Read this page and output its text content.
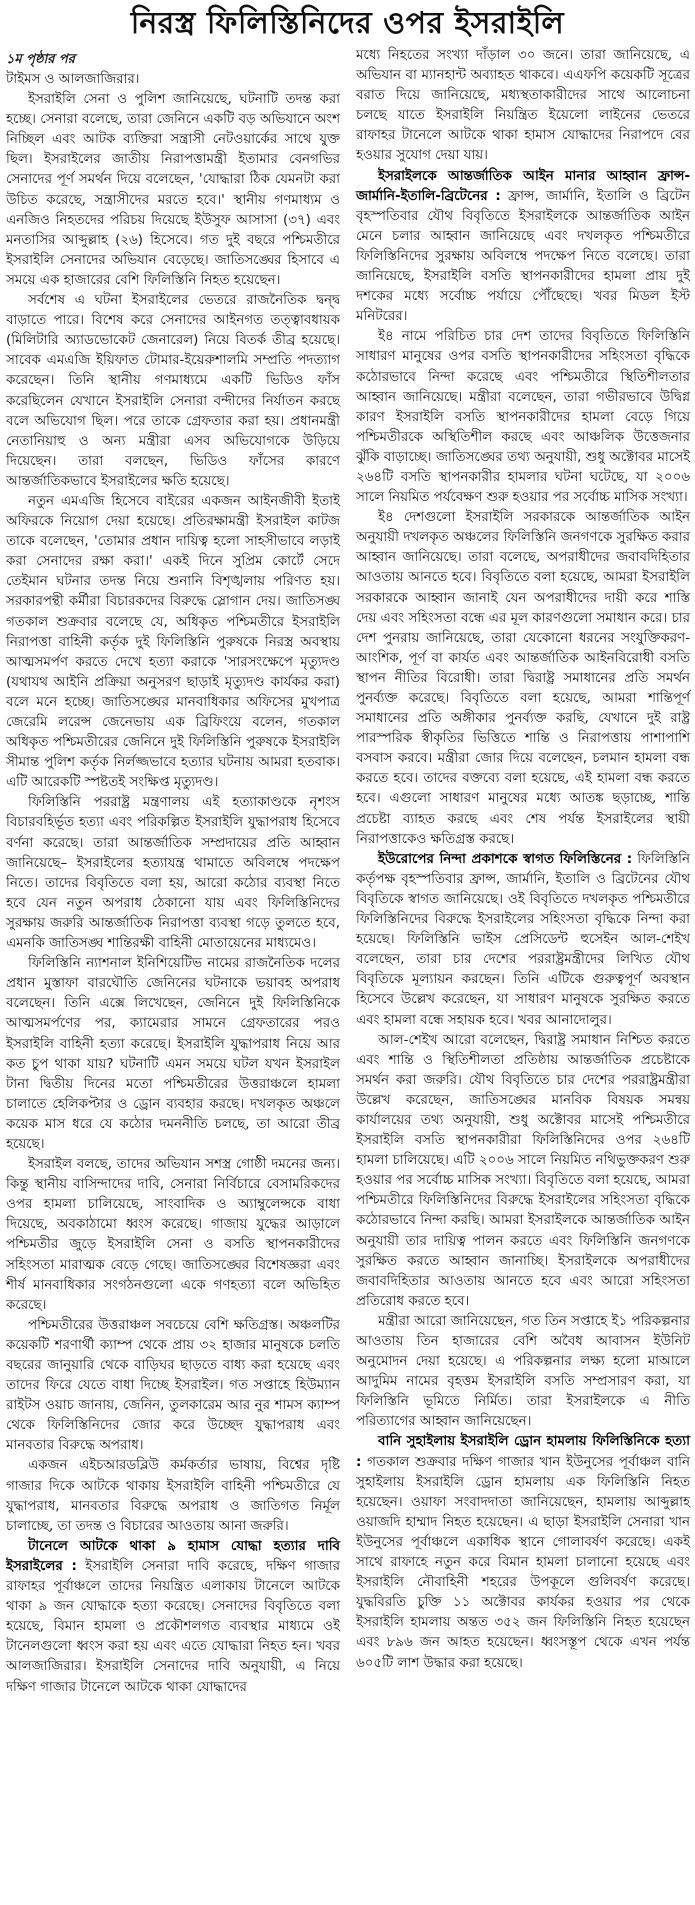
নিরস্ত্র ফিলিস্তিনিদের ওপর ইসরাইলি
১ম পৃষ্ঠার পর

টাইমস ও আলজাজিরার।

ইসরাইলি সেনা ও পুলিশ জানিয়েছে, ঘটনাটি তদন্ত করা হচ্ছে। সেনারা বলেছে, তারা জেনিনে একটি বড় অভিযানে অংশ নিচ্ছিল এবং আটক ব্যক্তিরা সন্ত্রাসী নেটওয়ার্কের সাথে যুক্ত ছিল। ইসরাইলের জাতীয় নিরাপত্তামন্ত্রী ইতামার বেনগভির সেনাদের পূর্ণ সমর্থন দিয়ে বলেছেন, 'যোদ্ধারা ঠিক যেমনটা করা উচিত করেছে, সন্ত্রাসীদের মরতে হবে।' স্থানীয় গণমাধ্যম ও এনজিও নিহতদের পরিচয় দিয়েছে ইউসুফ আসাসা (৩৭) এবং মনতাসির আব্দুল্লাহ (২৬) হিসেবে। গত দুই বছরে পশ্চিমতীরে ইসরাইলি সেনাদের অভিযান বেড়েছে। জাতিসঙ্ঘের হিসাবে এ সময়ে এক হাজারের বেশি ফিলিস্তিনি নিহত হয়েছেন।

সর্বশেষ এ ঘটনা ইসরাইলের ভেতরে রাজনৈতিক দ্বন্দ্ব বাড়াতে পারে। বিশেষ করে সেনাদের আইনগত তত্ত্বাবধায়ক (মিলিটারি অ্যাডভোকেট জেনারেল) নিয়ে বিতর্ক তীব্র হয়েছে। সাবেক এমএজি ইয়িফাত টোমার-ইয়েরুশালমি সম্প্রতি পদত্যাগ করেছেন। তিনি স্থানীয় গণমাধ্যমে একটি ভিডিও ফাঁস করেছিলেন যেখানে ইসরাইলি সেনারা বন্দীদের নির্যাতন করছে বলে অভিযোগ ছিল। পরে তাকে গ্রেফতার করা হয়। প্রধানমন্ত্রী নেতানিয়াহু ও অন্য মন্ত্রীরা এসব অভিযোগকে উড়িয়ে দিয়েছেন। তারা বলছেন, ভিডিও ফাঁসের কারণে আন্তর্জাতিকভাবে ইসরাইলের ক্ষতি হয়েছে।

নতুন এমএজি হিসেবে বাইরের একজন আইনজীবী ইতাই অফিরকে নিয়োগ দেয়া হয়েছে। প্রতিরক্ষামন্ত্রী ইসরাইল কাটজ তাকে বলেছেন, 'তোমার প্রধান দায়িত্ব হলো সাহসীভাবে লড়াই করা সেনাদের রক্ষা করা।' একই দিনে সুপ্রিম কোর্টে সেদে তেইমান ঘটনার তদন্ত নিয়ে শুনানি বিশৃঙ্খলায় পরিণত হয়। সরকারপন্থী কর্মীরা বিচারকদের বিরুদ্ধে স্লোগান দেয়। জাতিসঙ্ঘ গতকাল শুক্রবার বলেছে যে, অধিকৃত পশ্চিমতীরে ইসরাইলি নিরাপত্তা বাহিনী কর্তৃক দুই ফিলিস্তিনি পুরুষকে নিরস্ত্র অবস্থায় আত্মসমর্পণ করতে দেখে হত্যা করাকে 'সারসংক্ষেপে মৃত্যুদণ্ড (যথাযথ আইনি প্রক্রিয়া অনুসরণ ছাড়াই মৃত্যুদণ্ড কার্যকর করা) বলে মনে হচ্ছে। জাতিসঙ্ঘের মানবাধিকার অফিসের মুখপাত্র জেরেমি লরেন্স জেনেভায় এক ব্রিফিংয়ে বলেন, গতকাল অধিকৃত পশ্চিমতীরের জেনিনে দুই ফিলিস্তিনি পুরুষকে ইসরাইলি সীমান্ত পুলিশ কর্তৃক নির্লজ্জভাবে হত্যার ঘটনায় আমরা হতবাক। এটি আরেকটি স্পষ্টতই সংক্ষিপ্ত মৃত্যুদণ্ড।

ফিলিস্তিনি পররাষ্ট্র মন্ত্রণালয় এই হত্যাকাণ্ডকে নৃশংস বিচারবহির্ভূত হত্যা এবং পরিকল্পিত ইসরাইলি যুদ্ধাপরাধ হিসেবে বর্ণনা করেছে। তারা আন্তর্জাতিক সম্প্রদায়ের প্রতি আহ্বান জানিয়েছে– ইসরাইলের হত্যাযন্ত্র থামাতে অবিলম্বে পদক্ষেপ নিতে। তাদের বিবৃতিতে বলা হয়, আরো কঠোর ব্যবস্থা নিতে হবে যেন নতুন অপরাধ ঠেকানো যায় এবং ফিলিস্তিনিদের সুরক্ষায় জরুরি আন্তর্জাতিক নিরাপত্তা ব্যবস্থা গড়ে তুলতে হবে, এমনকি জাতিসঙ্ঘ শান্তিরক্ষী বাহিনী মোতায়েনের মাধ্যমেও।

ফিলিস্তিনি ন্যাশনাল ইনিশিয়েটিভ নামের রাজনৈতিক দলের প্রধান মুস্তাফা বারঘৌতি জেনিনের ঘটনাকে ভয়াবহ অপরাধ বলেছেন। তিনি এক্সে লিখেছেন, জেনিনে দুই ফিলিস্তিনিকে আত্মসমর্পণের পর, ক্যামেরার সামনে গ্রেফতারের পরও ইসরাইলি বাহিনী হত্যা করেছে। ইসরাইলি যুদ্ধাপরাধ নিয়ে আর কত চুপ থাকা যায়? ঘটনাটি এমন সময়ে ঘটল যখন ইসরাইল টানা দ্বিতীয় দিনের মতো পশ্চিমতীরের উত্তরাঞ্চলে হামলা চালাতে হেলিকপ্টার ও ড্রোন ব্যবহার করছে। দখলকৃত অঞ্চলে কয়েক মাস ধরে যে কঠোর দমননীতি চলছে, তা আরো তীব্র হয়েছে।

ইসরাইল বলছে, তাদের অভিযান সশস্ত্র গোষ্ঠী দমনের জন্য। কিন্তু স্থানীয় বাসিন্দাদের দাবি, সেনারা নির্বিচারে বেসামরিকদের ওপর হামলা চালিয়েছে, সাংবাদিক ও অ্যাম্বুলেন্সকে বাধা দিয়েছে, অবকাঠামো ধ্বংস করেছে। গাজায় যুদ্ধের আড়ালে পশ্চিমতীর জুড়ে ইসরাইলি সেনা ও বসতি স্থাপনকারীদের সহিংসতা মারাত্মক বেড়ে গেছে। জাতিসঙ্ঘের বিশেষজ্ঞরা এবং শীর্ষ মানবাধিকার সংগঠনগুলো একে গণহত্যা বলে অভিহিত করেছে।

পশ্চিমতীরের উত্তরাঞ্চল সবচেয়ে বেশি ক্ষতিগ্রস্ত। অঞ্চলটির কয়েকটি শরণার্থী ক্যাম্প থেকে প্রায় ৩২ হাজার মানুষকে চলতি বছরের জানুয়ারি থেকে বাড়িঘর ছাড়তে বাধ্য করা হয়েছে এবং তাদের ফিরে যেতে বাধা দিচ্ছে ইসরাইল। গত সপ্তাহে হিউম্যান রাইটস ওয়াচ জানায়, জেনিন, তুলকারেম আর নুর শামস ক্যাম্প থেকে ফিলিস্তিনিদের জোর করে উচ্ছেদ যুদ্ধাপরাধ এবং মানবতার বিরুদ্ধে অপরাধ।

একজন এইচআরডব্লিউ কর্মকর্তার ভাষায়, বিশ্বের দৃষ্টি গাজার দিকে আটকে থাকায় ইসরাইলি বাহিনী পশ্চিমতীরে যে যুদ্ধাপরাধ, মানবতার বিরুদ্ধে অপরাধ ও জাতিগত নির্মূল চালাচ্ছে, তা তদন্ত ও বিচারের আওতায় আনা জরুরি।

টানেলে আটকে থাকা ৯ হামাস যোদ্ধা হত্যার দাবি ইসরাইলের : ইসরাইলি সেনারা দাবি করেছে, দক্ষিণ গাজার রাফাহর পূর্বাঞ্চলে তাদের নিয়ন্ত্রিত এলাকায় টানেলে আটকে থাকা ৯ জন যোদ্ধাকে হত্যা করেছে। সেনাদের বিবৃতিতে বলা হয়েছে, বিমান হামলা ও প্রকৌশলগত ব্যবস্থার মাধ্যমে ওই টানেলগুলো ধ্বংস করা হয় এবং এতে যোদ্ধারা নিহত হন। খবর আলজাজিরার। ইসরাইলি সেনাদের দাবি অনুযায়ী, এ নিয়ে দক্ষিণ গাজার টানেলে আটকে থাকা যোদ্ধাদের

মধ্যে নিহতের সংখ্যা দাঁড়াল ৩০ জনে। তারা জানিয়েছে, এ অভিযান বা ম্যানহান্ট অব্যাহত থাকবে। এএফপি কয়েকটি সূত্রের বরাত দিয়ে জানিয়েছে, মধ্যস্থতাকারীদের সাথে আলোচনা চলছে যাতে ইসরাইলি নিয়ন্ত্রিত ইয়েলো লাইনের ভেতরে রাফাহর টানেলে আটকে থাকা হামাস যোদ্ধাদের নিরাপদে বের হওয়ার সুযোগ দেয়া যায়।

ইসরাইলকে আন্তর্জাতিক আইন মানার আহ্বান ফ্রান্স-জার্মানি-ইতালি-ব্রিটেনের : ফ্রান্স, জার্মানি, ইতালি ও ব্রিটেন বৃহস্পতিবার যৌথ বিবৃতিতে ইসরাইলকে আন্তর্জাতিক আইন মেনে চলার আহ্বান জানিয়েছে এবং দখলকৃত পশ্চিমতীরে ফিলিস্তিনিদের সুরক্ষায় অবিলম্বে পদক্ষেপ নিতে বলেছে। তারা জানিয়েছে, ইসরাইলি বসতি স্থাপনকারীদের হামলা প্রায় দুই দশকের মধ্যে সর্বোচ্চ পর্যায়ে পৌঁছেছে। খবর মিডল ইস্ট মনিটরের।

ই৪ নামে পরিচিত চার দেশ তাদের বিবৃতিতে ফিলিস্তিনি সাধারণ মানুষের ওপর বসতি স্থাপনকারীদের সহিংসতা বৃদ্ধিকে কঠোরভাবে নিন্দা করেছে এবং পশ্চিমতীরে স্থিতিশীলতার আহ্বান জানিয়েছে। মন্ত্রীরা বলেছেন, তারা গভীরভাবে উদ্বিগ্ন কারণ ইসরাইলি বসতি স্থাপনকারীদের হামলা বেড়ে গিয়ে পশ্চিমতীরকে অস্থিতিশীল করছে এবং আঞ্চলিক উত্তেজনার ঝুঁকি বাড়াচ্ছে। জাতিসঙ্ঘের তথ্য অনুযায়ী, শুধু অক্টোবর মাসেই ২৬৪টি বসতি স্থাপনকারীর হামলার ঘটনা ঘটেছে, যা ২০০৬ সালে নিয়মিত পর্যবেক্ষণ শুরু হওয়ার পর সর্বোচ্চ মাসিক সংখ্যা।

ই৪ দেশগুলো ইসরাইলি সরকারকে আন্তর্জাতিক আইন অনুযায়ী দখলকৃত অঞ্চলের ফিলিস্তিনি জনগণকে সুরক্ষিত করার আহ্বান জানিয়েছে। তারা বলেছে, অপরাধীদের জবাবদিহিতার আওতায় আনতে হবে। বিবৃতিতে বলা হয়েছে, আমরা ইসরাইলি সরকারকে আহ্বান জানাই যেন অপরাধীদের দায়ী করে শাস্তি দেয় এবং সহিংসতা বন্ধে এর মূল কারণগুলো সমাধান করে। চার দেশ পুনরায় জানিয়েছে, তারা যেকোনো ধরনের সংযুক্তিকরণ- আংশিক, পূর্ণ বা কার্যত এবং আন্তর্জাতিক আইনবিরোধী বসতি স্থাপন নীতির বিরোধী। তারা দ্বিরাষ্ট্র সমাধানের প্রতি সমর্থন পুনর্ব্যক্ত করেছে। বিবৃতিতে বলা হয়েছে, আমরা শান্তিপূর্ণ সমাধানের প্রতি অঙ্গীকার পুনর্ব্যক্ত করছি, যেখানে দুই রাষ্ট্র পারস্পরিক স্বীকৃতির ভিত্তিতে শান্তি ও নিরাপত্তায় পাশাপাশি বসবাস করবে। মন্ত্রীরা জোর দিয়ে বলেছেন, চলমান হামলা বন্ধ করতে হবে। তাদের বক্তব্যে বলা হয়েছে, এই হামলা বন্ধ করতে হবে। এগুলো সাধারণ মানুষের মধ্যে আতঙ্ক ছড়াচ্ছে, শান্তি প্রচেষ্টা ব্যাহত করছে এবং শেষ পর্যন্ত ইসরাইলের স্থায়ী নিরাপত্তাকেও ক্ষতিগ্রস্ত করছে।

ইউরোপের নিন্দা প্রকাশকে স্বাগত ফিলিস্তিনের : ফিলিস্তিনি কর্তৃপক্ষ বৃহস্পতিবার ফ্রান্স, জার্মানি, ইতালি ও ব্রিটেনের যৌথ বিবৃতিকে স্বাগত জানিয়েছে। ওই বিবৃতিতে দখলকৃত পশ্চিমতীরে ফিলিস্তিনিদের বিরুদ্ধে ইসরাইলের সহিংসতা বৃদ্ধিকে নিন্দা করা হয়েছে। ফিলিস্তিনি ভাইস প্রেসিডেন্ট হুসেইন আল-শেইখ বলেছেন, তারা চার দেশের পররাষ্ট্রমন্ত্রীদের লিখিত যৌথ বিবৃতিকে মূল্যায়ন করছেন। তিনি এটিকে গুরুত্বপূর্ণ অবস্থান হিসেবে উল্লেখ করেছেন, যা সাধারণ মানুষকে সুরক্ষিত করতে এবং হামলা বন্ধে সহায়ক হবে। খবর আনাদোলুর।

আল-শেইখ আরো বলেছেন, দ্বিরাষ্ট্র সমাধান নিশ্চিত করতে এবং শান্তি ও স্থিতিশীলতা প্রতিষ্ঠায় আন্তর্জাতিক প্রচেষ্টাকে সমর্থন করা জরুরি। যৌথ বিবৃতিতে চার দেশের পররাষ্ট্রমন্ত্রীরা উল্লেখ করেছেন, জাতিসঙ্ঘের মানবিক বিষয়ক সমন্বয় কার্যালয়ের তথ্য অনুযায়ী, শুধু অক্টোবর মাসেই পশ্চিমতীরে ইসরাইলি বসতি স্থাপনকারীরা ফিলিস্তিনিদের ওপর ২৬৪টি হামলা চালিয়েছে। এটি ২০০৬ সালে নিয়মিত নথিভুক্তকরণ শুরু হওয়ার পর সর্বোচ্চ মাসিক সংখ্যা। বিবৃতিতে বলা হয়েছে, আমরা পশ্চিমতীরে ফিলিস্তিনিদের বিরুদ্ধে ইসরাইলের সহিংসতা বৃদ্ধিকে কঠোরভাবে নিন্দা করছি। আমরা ইসরাইলকে আন্তর্জাতিক আইন অনুযায়ী তার দায়িত্ব পালন করতে এবং ফিলিস্তিনি জনগণকে সুরক্ষিত করতে আহ্বান জানাচ্ছি। ইসরাইলকে অপরাধীদের জবাবদিহিতার আওতায় আনতে হবে এবং আরো সহিংসতা প্রতিরোধ করতে হবে।

মন্ত্রীরা আরো জানিয়েছেন, গত তিন সপ্তাহে ই১ পরিকল্পনার আওতায় তিন হাজারের বেশি অবৈধ আবাসন ইউনিট অনুমোদন দেয়া হয়েছে। এ পরিকল্পনার লক্ষ্য হলো মাআলে আদুমিম নামের বৃহত্তম ইসরাইলি বসতি সম্প্রসারণ করা, যা ফিলিস্তিনি ভূমিতে নির্মিত। তারা ইসরাইলকে এ নীতি পরিত্যাগের আহ্বান জানিয়েছেন।

বানি সুহাইলায় ইসরাইলি ড্রোন হামলায় ফিলিস্তিনিকে হত্যা : গতকাল শুক্রবার দক্ষিণ গাজার খান ইউনুসের পূর্বাঞ্চল বানি সুহাইলায় ইসরাইলি ড্রোন হামলায় এক ফিলিস্তিনি নিহত হয়েছেন। ওয়াফা সংবাদদাতা জানিয়েছেন, হামলায় আব্দুল্লাহ ওয়াজদি হাম্মাদ নিহত হয়েছেন। এ ছাড়া ইসরাইলি সেনারা খান ইউনুসের পূর্বাঞ্চলে একাধিক স্থানে গোলাবর্ষণ করেছে। একই সাথে রাফাহে নতুন করে বিমান হামলা চালানো হয়েছে এবং ইসরাইলি নৌবাহিনী শহরের উপকূলে গুলিবর্ষণ করেছে। যুদ্ধবিরতি চুক্তি ১১ অক্টোবর কার্যকর হওয়ার পর থেকে ইসরাইলি হামলায় অন্তত ৩৫২ জন ফিলিস্তিনি নিহত হয়েছেন এবং ৮৯৬ জন আহত হয়েছেন। ধ্বংসস্তূপ থেকে এখন পর্যন্ত ৬০৫টি লাশ উদ্ধার করা হয়েছে।
